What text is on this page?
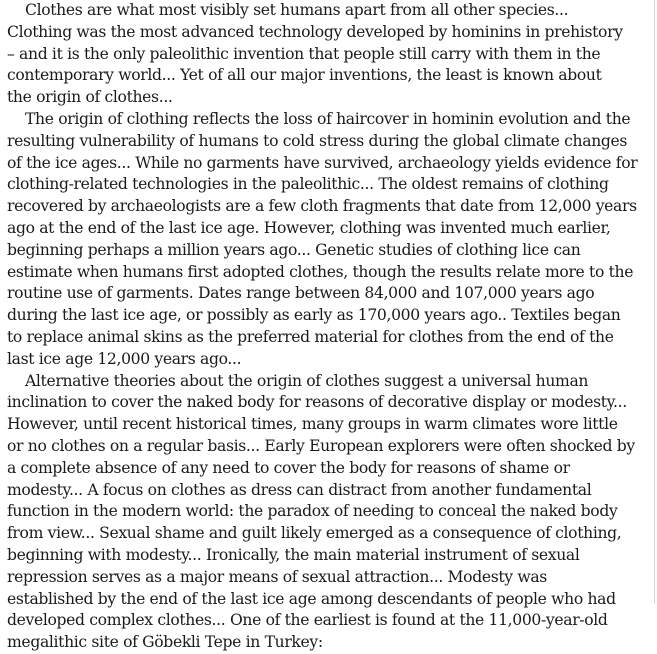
Clothes are what most visibly set humans apart from all other species...
Clothing was the most advanced technology developed by hominins in prehistory
– and it is the only paleolithic invention that people still carry with them in the
contemporary world... Yet of all our major inventions, the least is known about
the origin of clothes...
The origin of clothing reflects the loss of haircover in hominin evolution and the
resulting vulnerability of humans to cold stress during the global climate changes
of the ice ages... While no garments have survived, archaeology yields evidence for
clothing-related technologies in the paleolithic... The oldest remains of clothing
recovered by archaeologists are a few cloth fragments that date from 12,000 years
ago at the end of the last ice age. However, clothing was invented much earlier,
beginning perhaps a million years ago... Genetic studies of clothing lice can
estimate when humans first adopted clothes, though the results relate more to the
routine use of garments. Dates range between 84,000 and 107,000 years ago
during the last ice age, or possibly as early as 170,000 years ago.. Textiles began
to replace animal skins as the preferred material for clothes from the end of the
last ice age 12,000 years ago...
Alternative theories about the origin of clothes suggest a universal human
inclination to cover the naked body for reasons of decorative display or modesty...
However, until recent historical times, many groups in warm climates wore little
or no clothes on a regular basis... Early European explorers were often shocked by
a complete absence of any need to cover the body for reasons of shame or
modesty... A focus on clothes as dress can distract from another fundamental
function in the modern world: the paradox of needing to conceal the naked body
from view... Sexual shame and guilt likely emerged as a consequence of clothing,
beginning with modesty... Ironically, the main material instrument of sexual
repression serves as a major means of sexual attraction... Modesty was
established by the end of the last ice age among descendants of people who had
developed complex clothes... One of the earliest is found at the 11,000-year-old
megalithic site of Göbekli Tepe in Turkey:
